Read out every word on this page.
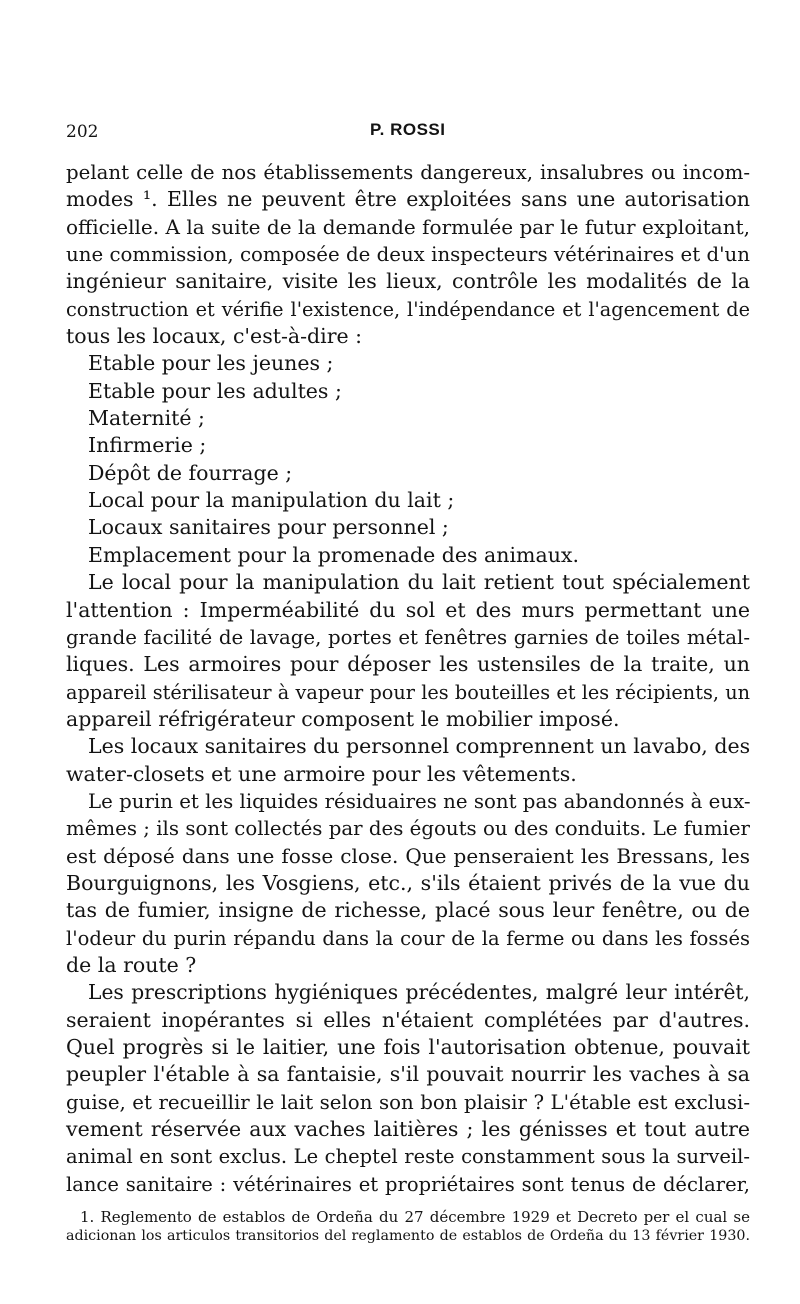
202	P. ROSSI
pelant celle de nos établissements dangereux, insalubres ou incom-
modes ¹. Elles ne peuvent être exploitées sans une autorisation
officielle. A la suite de la demande formulée par le futur exploitant,
une commission, composée de deux inspecteurs vétérinaires et d'un
ingénieur sanitaire, visite les lieux, contrôle les modalités de la
construction et vérifie l'existence, l'indépendance et l'agencement de
tous les locaux, c'est-à-dire :
Etable pour les jeunes ;
Etable pour les adultes ;
Maternité ;
Infirmerie ;
Dépôt de fourrage ;
Local pour la manipulation du lait ;
Locaux sanitaires pour personnel ;
Emplacement pour la promenade des animaux.
Le local pour la manipulation du lait retient tout spécialement
l'attention : Imperméabilité du sol et des murs permettant une
grande facilité de lavage, portes et fenêtres garnies de toiles métal-
liques. Les armoires pour déposer les ustensiles de la traite, un
appareil stérilisateur à vapeur pour les bouteilles et les récipients, un
appareil réfrigérateur composent le mobilier imposé.
Les locaux sanitaires du personnel comprennent un lavabo, des
water-closets et une armoire pour les vêtements.
Le purin et les liquides résiduaires ne sont pas abandonnés à eux-
mêmes ; ils sont collectés par des égouts ou des conduits. Le fumier
est déposé dans une fosse close. Que penseraient les Bressans, les
Bourguignons, les Vosgiens, etc., s'ils étaient privés de la vue du
tas de fumier, insigne de richesse, placé sous leur fenêtre, ou de
l'odeur du purin répandu dans la cour de la ferme ou dans les fossés
de la route ?
Les prescriptions hygiéniques précédentes, malgré leur intérêt,
seraient inopérantes si elles n'étaient complétées par d'autres.
Quel progrès si le laitier, une fois l'autorisation obtenue, pouvait
peupler l'étable à sa fantaisie, s'il pouvait nourrir les vaches à sa
guise, et recueillir le lait selon son bon plaisir ? L'étable est exclusi-
vement réservée aux vaches laitières ; les génisses et tout autre
animal en sont exclus. Le cheptel reste constamment sous la surveil-
lance sanitaire : vétérinaires et propriétaires sont tenus de déclarer,
1. Reglemento de establos de Ordeña du 27 décembre 1929 et Decreto per el cual se
adicionan los articulos transitorios del reglamento de establos de Ordeña du 13 février 1930.
